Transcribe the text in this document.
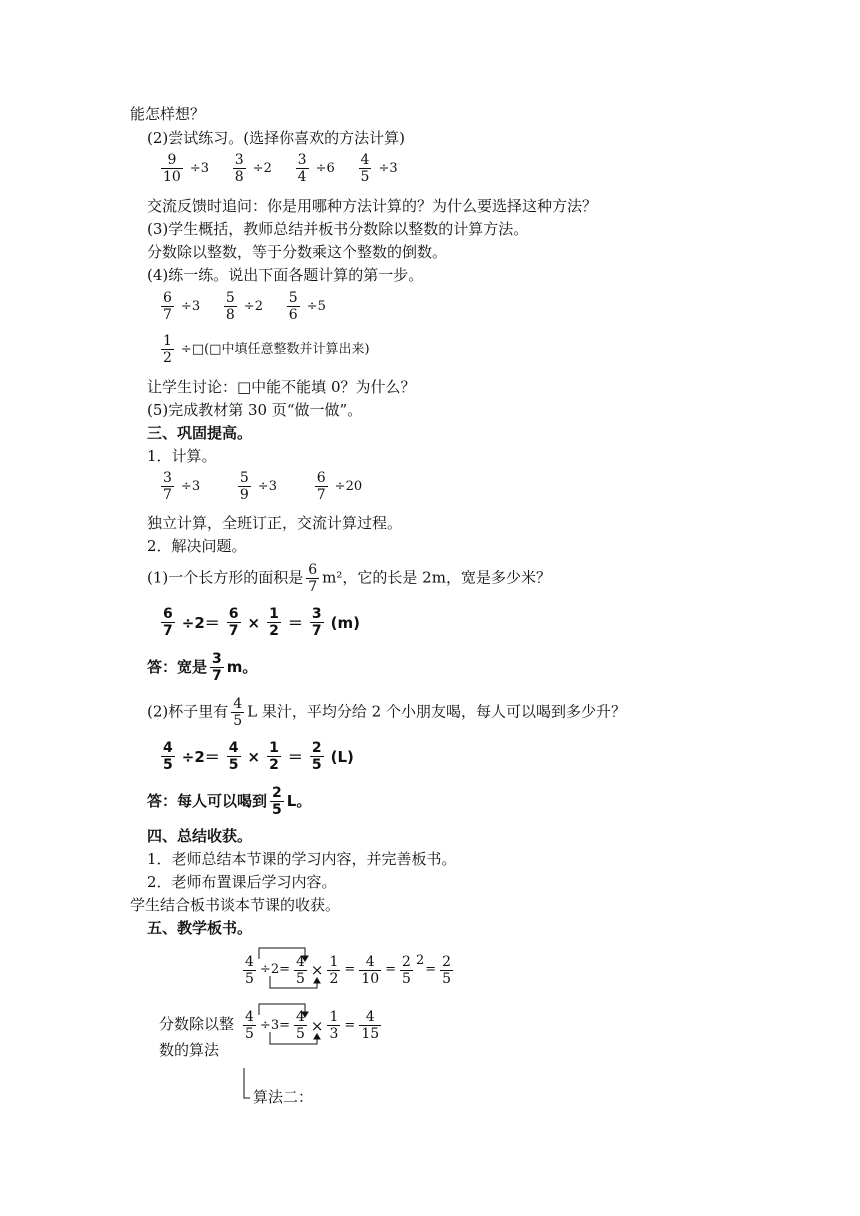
能怎样想？
(2)尝试练习。(选择你喜欢的方法计算)
$\frac{9}{10} \div 3 \frac{3}{8} \div 2 \frac{3}{4} \div 6 \frac{4}{5} \div 3$
交流反馈时追问：你是用哪种方法计算的？为什么要选择这种方法？
(3)学生概括，教师总结并板书分数除以整数的计算方法。
分数除以整数，等于分数乘这个整数的倒数。
(4)练一练。说出下面各题计算的第一步。
$\frac{6}{7} \div 3 \frac{5}{8} \div 2 \frac{5}{6} \div 5$
$\frac{1}{2}$ ÷□(□中填任意整数并计算出来)
让学生讨论：□中能不能填 0？为什么？
(5)完成教材第 30 页“做一做”。
三、巩固提高。
1．计算。
$\frac{3}{7} \div 3$	$\frac{5}{9} \div 3$	$\frac{6}{7} \div 20$
独立计算，全班订正，交流计算过程。
2．解决问题。
(1)一个长方形的面积是 $\frac{6}{7} m^2$，它的长是 2m，宽是多少米？
$\frac{6}{7} \div 2= \frac{6}{7} \times \frac{1}{2} = \frac{3}{7} (m)$
答：宽是 $\frac{3}{7}$ m。
(2)杯子里有 $\frac{4}{5}$ L 果汁，平均分给 2 个小朋友喝，每人可以喝到多少升？
$\frac{4}{5} \div 2= \frac{4}{5} \times \frac{1}{2} = \frac{2}{5} (L)$
答：每人可以喝到 $\frac{2}{5}$ L。
四、总结收获。
1．老师总结本节课的学习内容，并完善板书。
2．老师布置课后学习内容。
学生结合板书谈本节课的收获。
五、教学板书。
$\frac{4}{5} \div 2= \frac{4}{5} \times \frac{1}{2} = \frac{4}{10} = \frac{2}{5} 2= \frac{2}{5}$
分数除以整 $\frac{4}{5} \div 3= \frac{4}{5} \times \frac{1}{3} = \frac{4}{15}$
数的算法
算法二：
